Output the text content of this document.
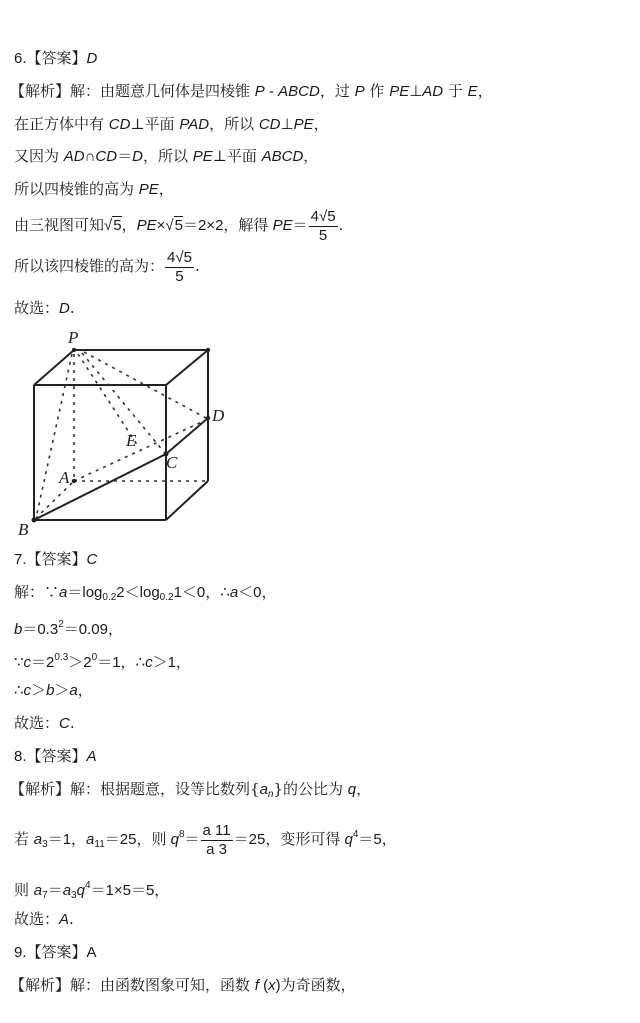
6.【答案】D
【解析】解：由题意几何体是四棱锥 P - ABCD，过 P 作 PE⊥AD 于 E，
在正方体中有 CD⊥平面 PAD，所以 CD⊥PE，
又因为 AD∩CD＝D，所以 PE⊥平面 ABCD，
所以四棱锥的高为 PE，
由三视图可知√5，PE×√5＝2×2，解得 $PE= \frac{4√5}{5}$ .
所以该四棱锥的高为： $\frac{4√5}{5}$ .
故选：D.
P
D
E
C
A
B
7.【答案】C
解：$\because a=\log_{0.2}2<\log_{0.2}1<0$，∴a＜0，
$b=0.3^2=0.09$，
$\because c=2^{0.3}>2^0=1$，∴c＞1，
∴c＞b＞a，
故选：C.
8.【答案】A
【解析】解：根据题意，设等比数列$\{a_n\}$的公比为 q，
若 $a_3=1$，$a_{11}=25$，则 $q^8= \frac{a 11}{a 3} =25$，变形可得 $q^4=5$，
则 $a_7=a_3q^4=1\times 5=5$，
故选：A.
9.【答案】A
【解析】解：由函数图象可知，函数 f (x)为奇函数，
